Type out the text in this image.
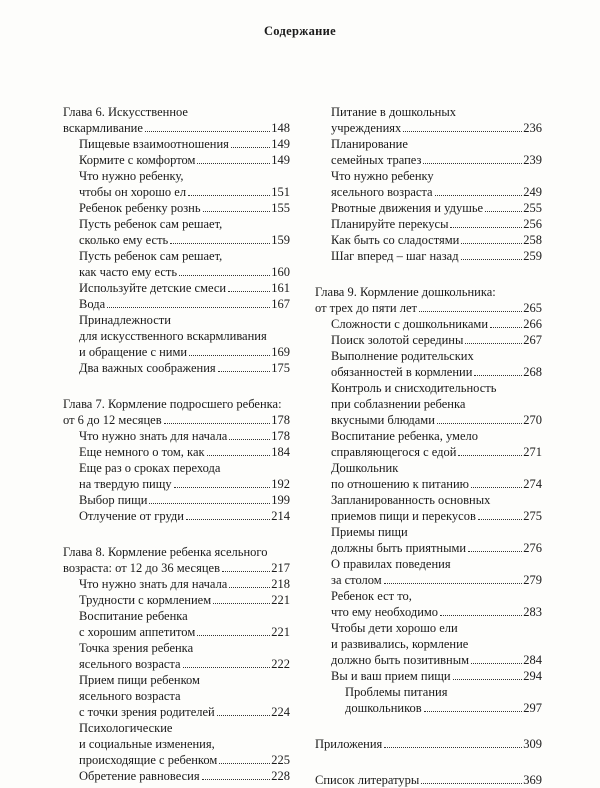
Содержание
Глава 6. Искусственное
вскармливание	148
Пищевые взаимоотношения	149
Кормите с комфортом	149
Что нужно ребенку,
чтобы он хорошо ел	151
Ребенок ребенку рознь	155
Пусть ребенок сам решает,
сколько ему есть	159
Пусть ребенок сам решает,
как часто ему есть	160
Используйте детские смеси	161
Вода	167
Принадлежности
для искусственного вскармливания
и обращение с ними	169
Два важных соображения	175
Глава 7. Кормление подросшего ребенка:
от 6 до 12 месяцев	178
Что нужно знать для начала	178
Еще немного о том, как	184
Еще раз о сроках перехода
на твердую пищу	192
Выбор пищи	199
Отлучение от груди	214
Глава 8. Кормление ребенка ясельного
возраста: от 12 до 36 месяцев	217
Что нужно знать для начала	218
Трудности с кормлением	221
Воспитание ребенка
с хорошим аппетитом	221
Точка зрения ребенка
ясельного возраста	222
Прием пищи ребенком
ясельного возраста
с точки зрения родителей	224
Психологические
и социальные изменения,
происходящие с ребенком	225
Обретение равновесия	228
Питание в дошкольных
учреждениях	236
Планирование
семейных трапез	239
Что нужно ребенку
ясельного возраста	249
Рвотные движения и удушье	255
Планируйте перекусы	256
Как быть со сладостями	258
Шаг вперед – шаг назад	259
Глава 9. Кормление дошкольника:
от трех до пяти лет	265
Сложности с дошкольниками	266
Поиск золотой середины	267
Выполнение родительских
обязанностей в кормлении	268
Контроль и снисходительность
при соблазнении ребенка
вкусными блюдами	270
Воспитание ребенка, умело
справляющегося с едой	271
Дошкольник
по отношению к питанию	274
Запланированность основных
приемов пищи и перекусов	275
Приемы пищи
должны быть приятными	276
О правилах поведения
за столом	279
Ребенок ест то,
что ему необходимо	283
Чтобы дети хорошо ели
и развивались, кормление
должно быть позитивным	284
Вы и ваш прием пищи	294
Проблемы питания
дошкольников	297
Приложения	309
Список литературы	369
